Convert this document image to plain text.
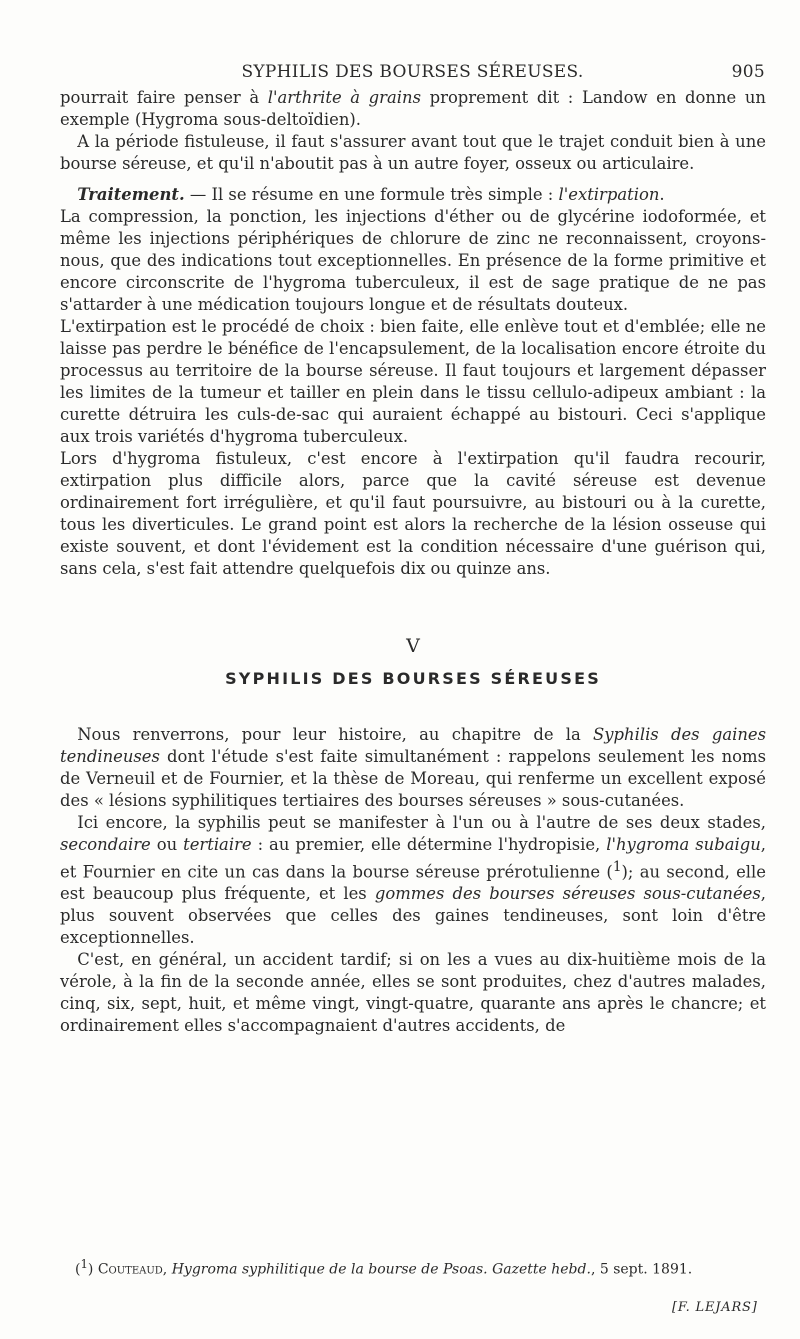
SYPHILIS DES BOURSES SÉREUSES.	905

pourrait faire penser à l'arthrite à grains proprement dit : Landow en donne un exemple (Hygroma sous-deltoïdien).

A la période fistuleuse, il faut s'assurer avant tout que le trajet conduit bien à une bourse séreuse, et qu'il n'aboutit pas à un autre foyer, osseux ou articulaire.

Traitement. — Il se résume en une formule très simple : l'extirpation.

La compression, la ponction, les injections d'éther ou de glycérine iodoformée, et même les injections périphériques de chlorure de zinc ne reconnaissent, croyons-nous, que des indications tout exceptionnelles. En présence de la forme primitive et encore circonscrite de l'hygroma tuberculeux, il est de sage pratique de ne pas s'attarder à une médication toujours longue et de résultats douteux.

L'extirpation est le procédé de choix : bien faite, elle enlève tout et d'emblée; elle ne laisse pas perdre le bénéfice de l'encapsulement, de la localisation encore étroite du processus au territoire de la bourse séreuse. Il faut toujours et largement dépasser les limites de la tumeur et tailler en plein dans le tissu cellulo-adipeux ambiant : la curette détruira les culs-de-sac qui auraient échappé au bistouri. Ceci s'applique aux trois variétés d'hygroma tuberculeux.

Lors d'hygroma fistuleux, c'est encore à l'extirpation qu'il faudra recourir, extirpation plus difficile alors, parce que la cavité séreuse est devenue ordinairement fort irrégulière, et qu'il faut poursuivre, au bistouri ou à la curette, tous les diverticules. Le grand point est alors la recherche de la lésion osseuse qui existe souvent, et dont l'évidement est la condition nécessaire d'une guérison qui, sans cela, s'est fait attendre quelquefois dix ou quinze ans.

V
SYPHILIS DES BOURSES SÉREUSES

Nous renverrons, pour leur histoire, au chapitre de la Syphilis des gaines tendineuses dont l'étude s'est faite simultanément : rappelons seulement les noms de Verneuil et de Fournier, et la thèse de Moreau, qui renferme un excellent exposé des « lésions syphilitiques tertiaires des bourses séreuses » sous-cutanées.

Ici encore, la syphilis peut se manifester à l'un ou à l'autre de ses deux stades, secondaire ou tertiaire : au premier, elle détermine l'hydropisie, l'hygroma subaigu, et Fournier en cite un cas dans la bourse séreuse prérotulienne ($^1$); au second, elle est beaucoup plus fréquente, et les gommes des bourses séreuses sous-cutanées, plus souvent observées que celles des gaines tendineuses, sont loin d'être exceptionnelles.

C'est, en général, un accident tardif; si on les a vues au dix-huitième mois de la vérole, à la fin de la seconde année, elles se sont produites, chez d'autres malades, cinq, six, sept, huit, et même vingt, vingt-quatre, quarante ans après le chancre; et ordinairement elles s'accompagnaient d'autres accidents, de

($^1$) Couteaud, Hygroma syphilitique de la bourse de Psoas. Gazette hebd., 5 sept. 1891.
[F. LEJARS]
